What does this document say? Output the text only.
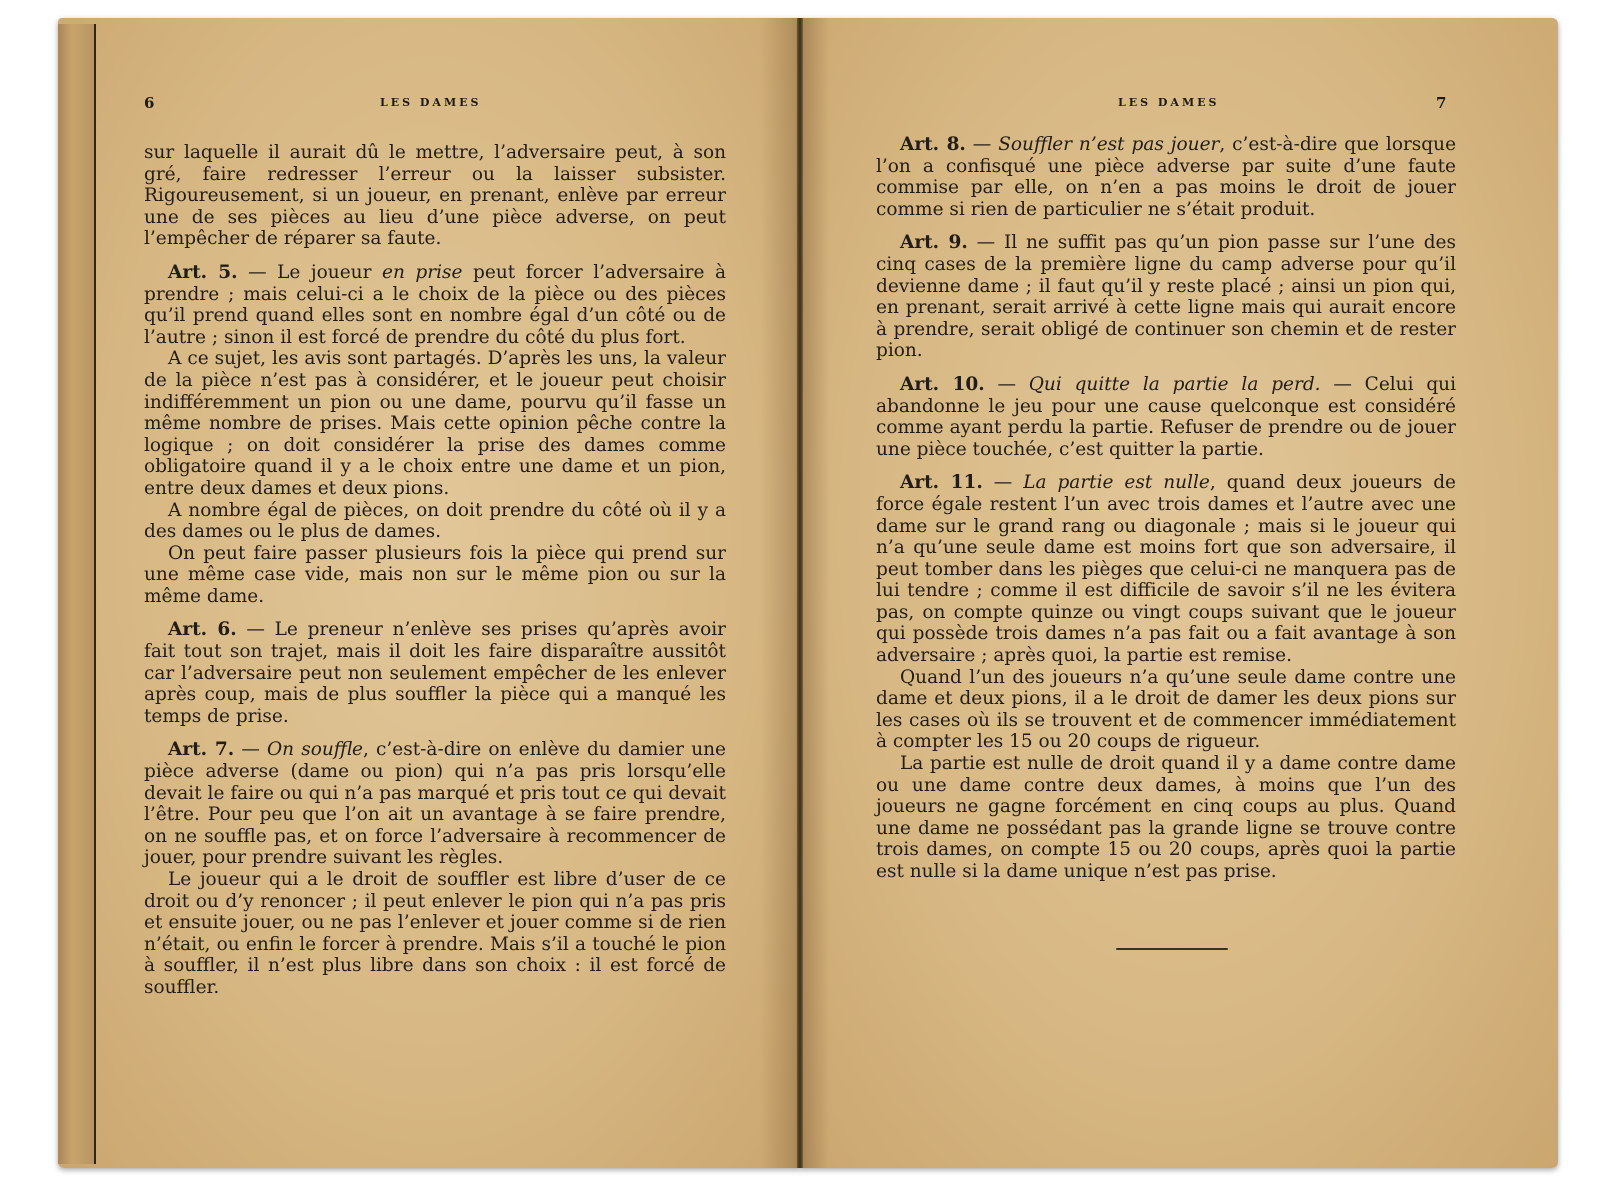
6	LES DAMES

sur laquelle il aurait dû le mettre, l’adversaire peut, à son gré, faire redresser l’erreur ou la laisser subsister. Rigoureusement, si un joueur, en prenant, enlève par erreur une de ses pièces au lieu d’une pièce adverse, on peut l’empêcher de réparer sa faute.

Art. 5. — Le joueur en prise peut forcer l’adversaire à prendre ; mais celui-ci a le choix de la pièce ou des pièces qu’il prend quand elles sont en nombre égal d’un côté ou de l’autre ; sinon il est forcé de prendre du côté du plus fort.

A ce sujet, les avis sont partagés. D’après les uns, la valeur de la pièce n’est pas à considérer, et le joueur peut choisir indifféremment un pion ou une dame, pourvu qu’il fasse un même nombre de prises. Mais cette opinion pêche contre la logique ; on doit considérer la prise des dames comme obligatoire quand il y a le choix entre une dame et un pion, entre deux dames et deux pions.

A nombre égal de pièces, on doit prendre du côté où il y a des dames ou le plus de dames.

On peut faire passer plusieurs fois la pièce qui prend sur une même case vide, mais non sur le même pion ou sur la même dame.

Art. 6. — Le preneur n’enlève ses prises qu’après avoir fait tout son trajet, mais il doit les faire disparaître aussitôt car l’adversaire peut non seulement empêcher de les enlever après coup, mais de plus souffler la pièce qui a manqué les temps de prise.

Art. 7. — On souffle, c’est-à-dire on enlève du damier une pièce adverse (dame ou pion) qui n’a pas pris lorsqu’elle devait le faire ou qui n’a pas marqué et pris tout ce qui devait l’être. Pour peu que l’on ait un avantage à se faire prendre, on ne souffle pas, et on force l’adversaire à recommencer de jouer, pour prendre suivant les règles.

Le joueur qui a le droit de souffler est libre d’user de ce droit ou d’y renoncer ; il peut enlever le pion qui n’a pas pris et ensuite jouer, ou ne pas l’enlever et jouer comme si de rien n’était, ou enfin le forcer à prendre. Mais s’il a touché le pion à souffler, il n’est plus libre dans son choix : il est forcé de souffler.

LES DAMES	7

Art. 8. — Souffler n’est pas jouer, c’est-à-dire que lorsque l’on a confisqué une pièce adverse par suite d’une faute commise par elle, on n’en a pas moins le droit de jouer comme si rien de particulier ne s’était produit.

Art. 9. — Il ne suffit pas qu’un pion passe sur l’une des cinq cases de la première ligne du camp adverse pour qu’il devienne dame ; il faut qu’il y reste placé ; ainsi un pion qui, en prenant, serait arrivé à cette ligne mais qui aurait encore à prendre, serait obligé de continuer son chemin et de rester pion.

Art. 10. — Qui quitte la partie la perd. — Celui qui abandonne le jeu pour une cause quelconque est considéré comme ayant perdu la partie. Refuser de prendre ou de jouer une pièce touchée, c’est quitter la partie.

Art. 11. — La partie est nulle, quand deux joueurs de force égale restent l’un avec trois dames et l’autre avec une dame sur le grand rang ou diagonale ; mais si le joueur qui n’a qu’une seule dame est moins fort que son adversaire, il peut tomber dans les pièges que celui-ci ne manquera pas de lui tendre ; comme il est difficile de savoir s’il ne les évitera pas, on compte quinze ou vingt coups suivant que le joueur qui possède trois dames n’a pas fait ou a fait avantage à son adversaire ; après quoi, la partie est remise.

Quand l’un des joueurs n’a qu’une seule dame contre une dame et deux pions, il a le droit de damer les deux pions sur les cases où ils se trouvent et de commencer immédiatement à compter les 15 ou 20 coups de rigueur.

La partie est nulle de droit quand il y a dame contre dame ou une dame contre deux dames, à moins que l’un des joueurs ne gagne forcément en cinq coups au plus. Quand une dame ne possédant pas la grande ligne se trouve contre trois dames, on compte 15 ou 20 coups, après quoi la partie est nulle si la dame unique n’est pas prise.
